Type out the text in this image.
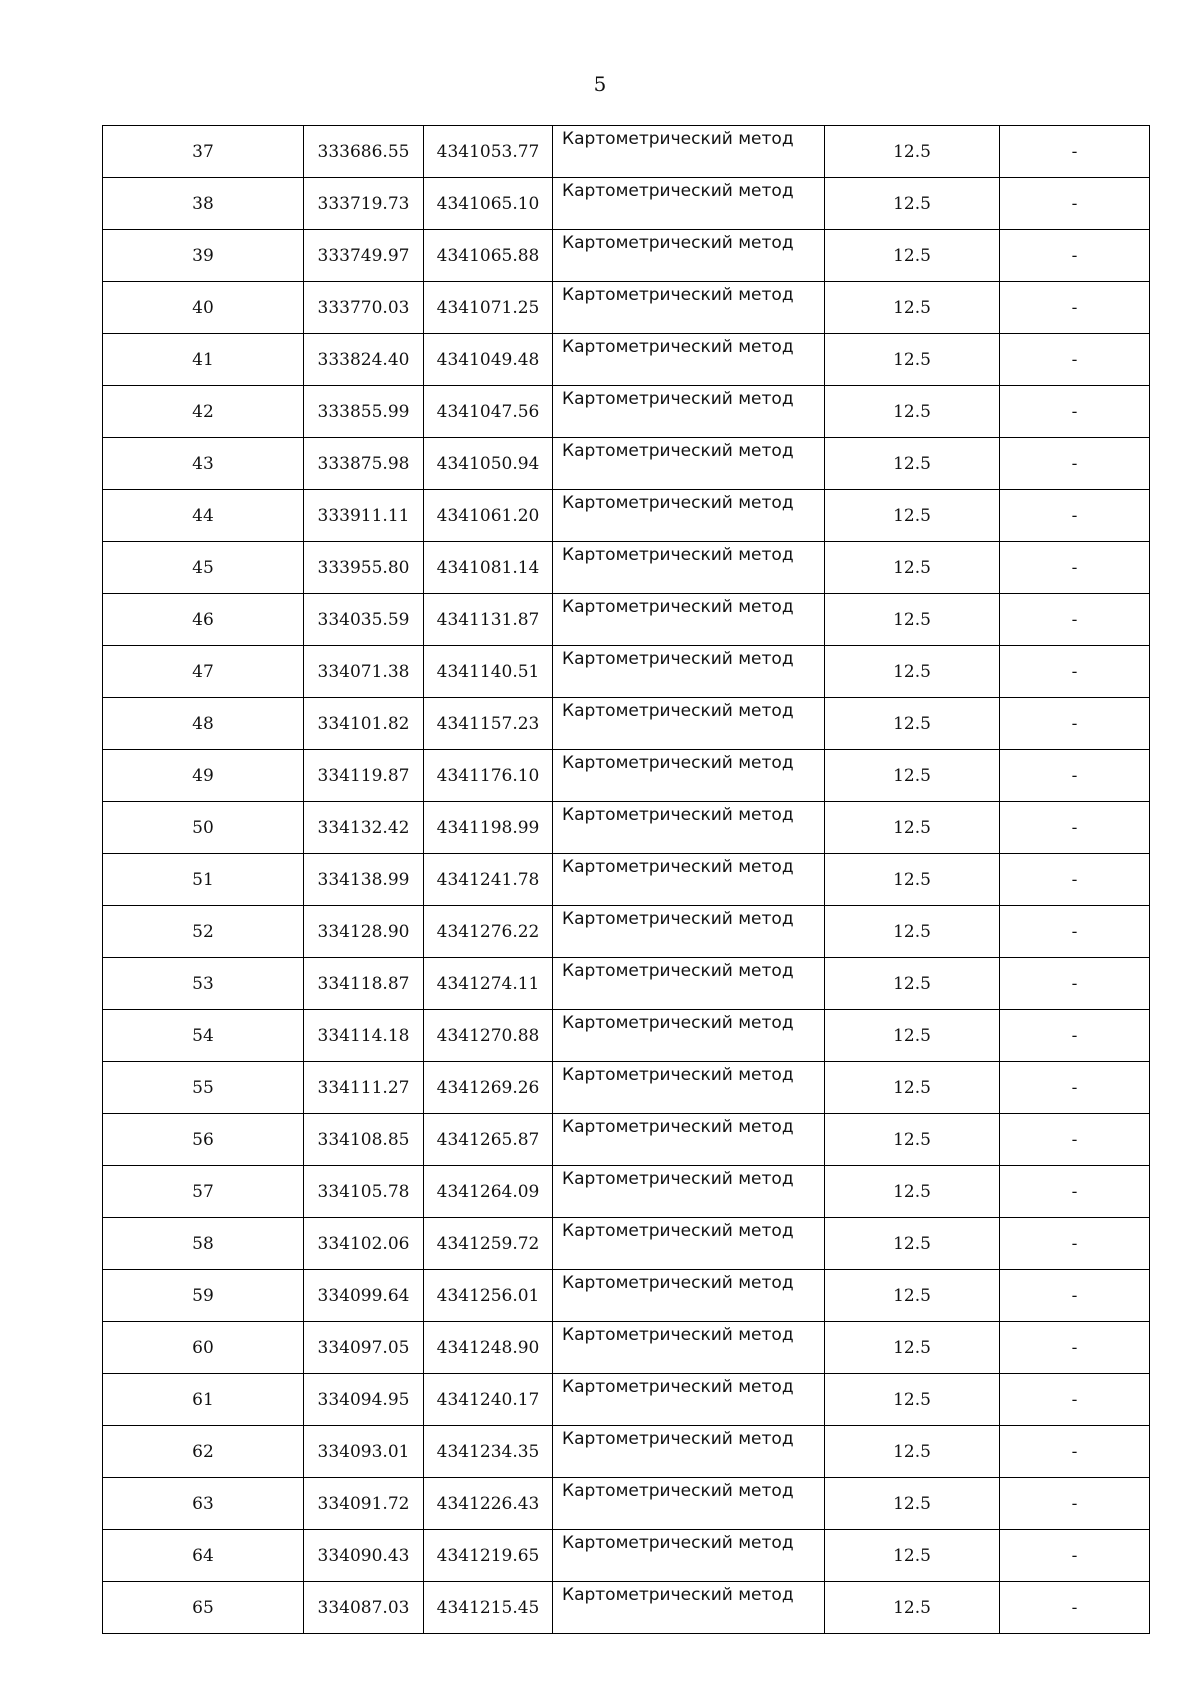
5
37	333686.55	4341053.77	Картометрический метод	12.5	-
38	333719.73	4341065.10	Картометрический метод	12.5	-
39	333749.97	4341065.88	Картометрический метод	12.5	-
40	333770.03	4341071.25	Картометрический метод	12.5	-
41	333824.40	4341049.48	Картометрический метод	12.5	-
42	333855.99	4341047.56	Картометрический метод	12.5	-
43	333875.98	4341050.94	Картометрический метод	12.5	-
44	333911.11	4341061.20	Картометрический метод	12.5	-
45	333955.80	4341081.14	Картометрический метод	12.5	-
46	334035.59	4341131.87	Картометрический метод	12.5	-
47	334071.38	4341140.51	Картометрический метод	12.5	-
48	334101.82	4341157.23	Картометрический метод	12.5	-
49	334119.87	4341176.10	Картометрический метод	12.5	-
50	334132.42	4341198.99	Картометрический метод	12.5	-
51	334138.99	4341241.78	Картометрический метод	12.5	-
52	334128.90	4341276.22	Картометрический метод	12.5	-
53	334118.87	4341274.11	Картометрический метод	12.5	-
54	334114.18	4341270.88	Картометрический метод	12.5	-
55	334111.27	4341269.26	Картометрический метод	12.5	-
56	334108.85	4341265.87	Картометрический метод	12.5	-
57	334105.78	4341264.09	Картометрический метод	12.5	-
58	334102.06	4341259.72	Картометрический метод	12.5	-
59	334099.64	4341256.01	Картометрический метод	12.5	-
60	334097.05	4341248.90	Картометрический метод	12.5	-
61	334094.95	4341240.17	Картометрический метод	12.5	-
62	334093.01	4341234.35	Картометрический метод	12.5	-
63	334091.72	4341226.43	Картометрический метод	12.5	-
64	334090.43	4341219.65	Картометрический метод	12.5	-
65	334087.03	4341215.45	Картометрический метод	12.5	-
